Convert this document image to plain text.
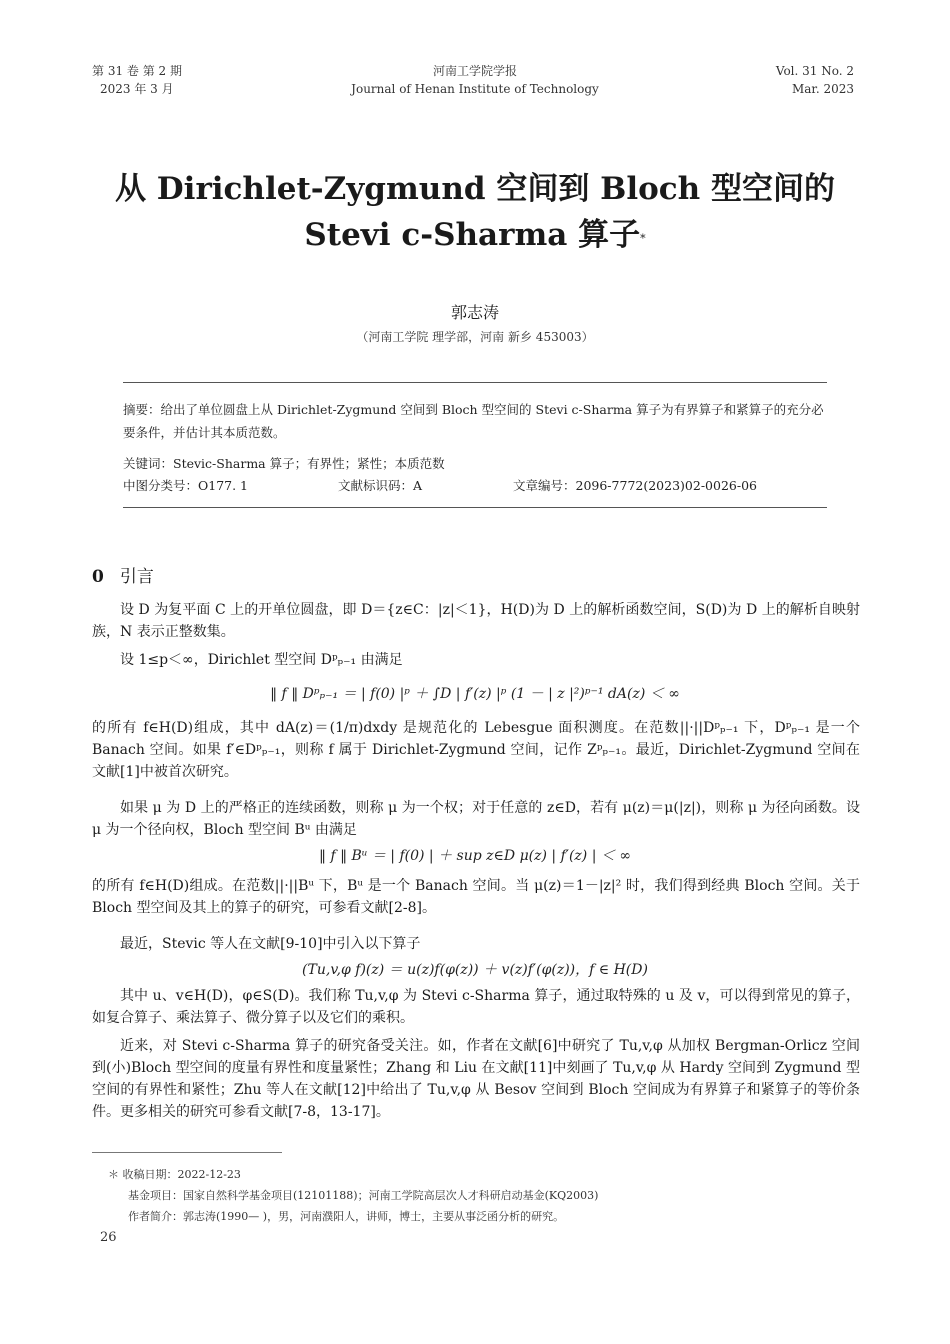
第 31 卷 第 2 期
2023 年 3 月
河南工学院学报
Journal of Henan Institute of Technology
Vol. 31 No. 2
Mar. 2023
从 Dirichlet-Zygmund 空间到 Bloch 型空间的
Stevi c-Sharma 算子*
郭志涛
（河南工学院 理学部，河南 新乡 453003）
摘要：给出了单位圆盘上从 Dirichlet-Zygmund 空间到 Bloch 型空间的 Stevi c-Sharma 算子为有界算子和紧算子的充分必要条件，并估计其本质范数。
关键词：Stevic-Sharma 算子；有界性；紧性；本质范数
中图分类号：O177. 1	文献标识码：A	文章编号：2096-7772(2023)02-0026-06
0 引言
设 D 为复平面 C 上的开单位圆盘，即 D＝{z∈C：|z|＜1}，H(D)为 D 上的解析函数空间，S(D)为 D 上的解析自映射族，N 表示正整数集。
设 1≤p＜∞，Dirichlet 型空间 Dᵖₚ₋₁ 由满足
‖ f ‖ Dᵖₚ₋₁ ＝ | f(0) |ᵖ ＋ ∫D | f′(z) |ᵖ (1 － | z |²)ᵖ⁻¹ dA(z) ＜ ∞
的所有 f∈H(D)组成，其中 dA(z)＝(1/π)dxdy 是规范化的 Lebesgue 面积测度。在范数||·||Dᵖₚ₋₁ 下，Dᵖₚ₋₁ 是一个 Banach 空间。如果 f′∈Dᵖₚ₋₁，则称 f 属于 Dirichlet-Zygmund 空间，记作 Zᵖₚ₋₁。最近，Dirichlet-Zygmund 空间在文献[1]中被首次研究。
如果 μ 为 D 上的严格正的连续函数，则称 μ 为一个权；对于任意的 z∈D，若有 μ(z)＝μ(|z|)，则称 μ 为径向函数。设 μ 为一个径向权，Bloch 型空间 Bᵘ 由满足
‖ f ‖ Bᵘ ＝ | f(0) | ＋ sup z∈D μ(z) | f′(z) | ＜ ∞
的所有 f∈H(D)组成。在范数||·||Bᵘ 下，Bᵘ 是一个 Banach 空间。当 μ(z)＝1－|z|² 时，我们得到经典 Bloch 空间。关于 Bloch 型空间及其上的算子的研究，可参看文献[2-8]。
最近，Stevic 等人在文献[9-10]中引入以下算子
(Tu,v,φ f)(z) ＝ u(z)f(φ(z)) ＋ v(z)f′(φ(z))，f ∈ H(D)
其中 u、v∈H(D)，φ∈S(D)。我们称 Tu,v,φ 为 Stevi c-Sharma 算子，通过取特殊的 u 及 v，可以得到常见的算子，如复合算子、乘法算子、微分算子以及它们的乘积。
近来，对 Stevi c-Sharma 算子的研究备受关注。如，作者在文献[6]中研究了 Tu,v,φ 从加权 Bergman-Orlicz 空间到(小)Bloch 型空间的度量有界性和度量紧性；Zhang 和 Liu 在文献[11]中刻画了 Tu,v,φ 从 Hardy 空间到 Zygmund 型空间的有界性和紧性；Zhu 等人在文献[12]中给出了 Tu,v,φ 从 Besov 空间到 Bloch 空间成为有界算子和紧算子的等价条件。更多相关的研究可参看文献[7-8，13-17]。
＊ 收稿日期：2022-12-23
基金项目：国家自然科学基金项目(12101188)；河南工学院高层次人才科研启动基金(KQ2003)
作者简介：郭志涛(1990— )，男，河南濮阳人，讲师，博士，主要从事泛函分析的研究。
26
